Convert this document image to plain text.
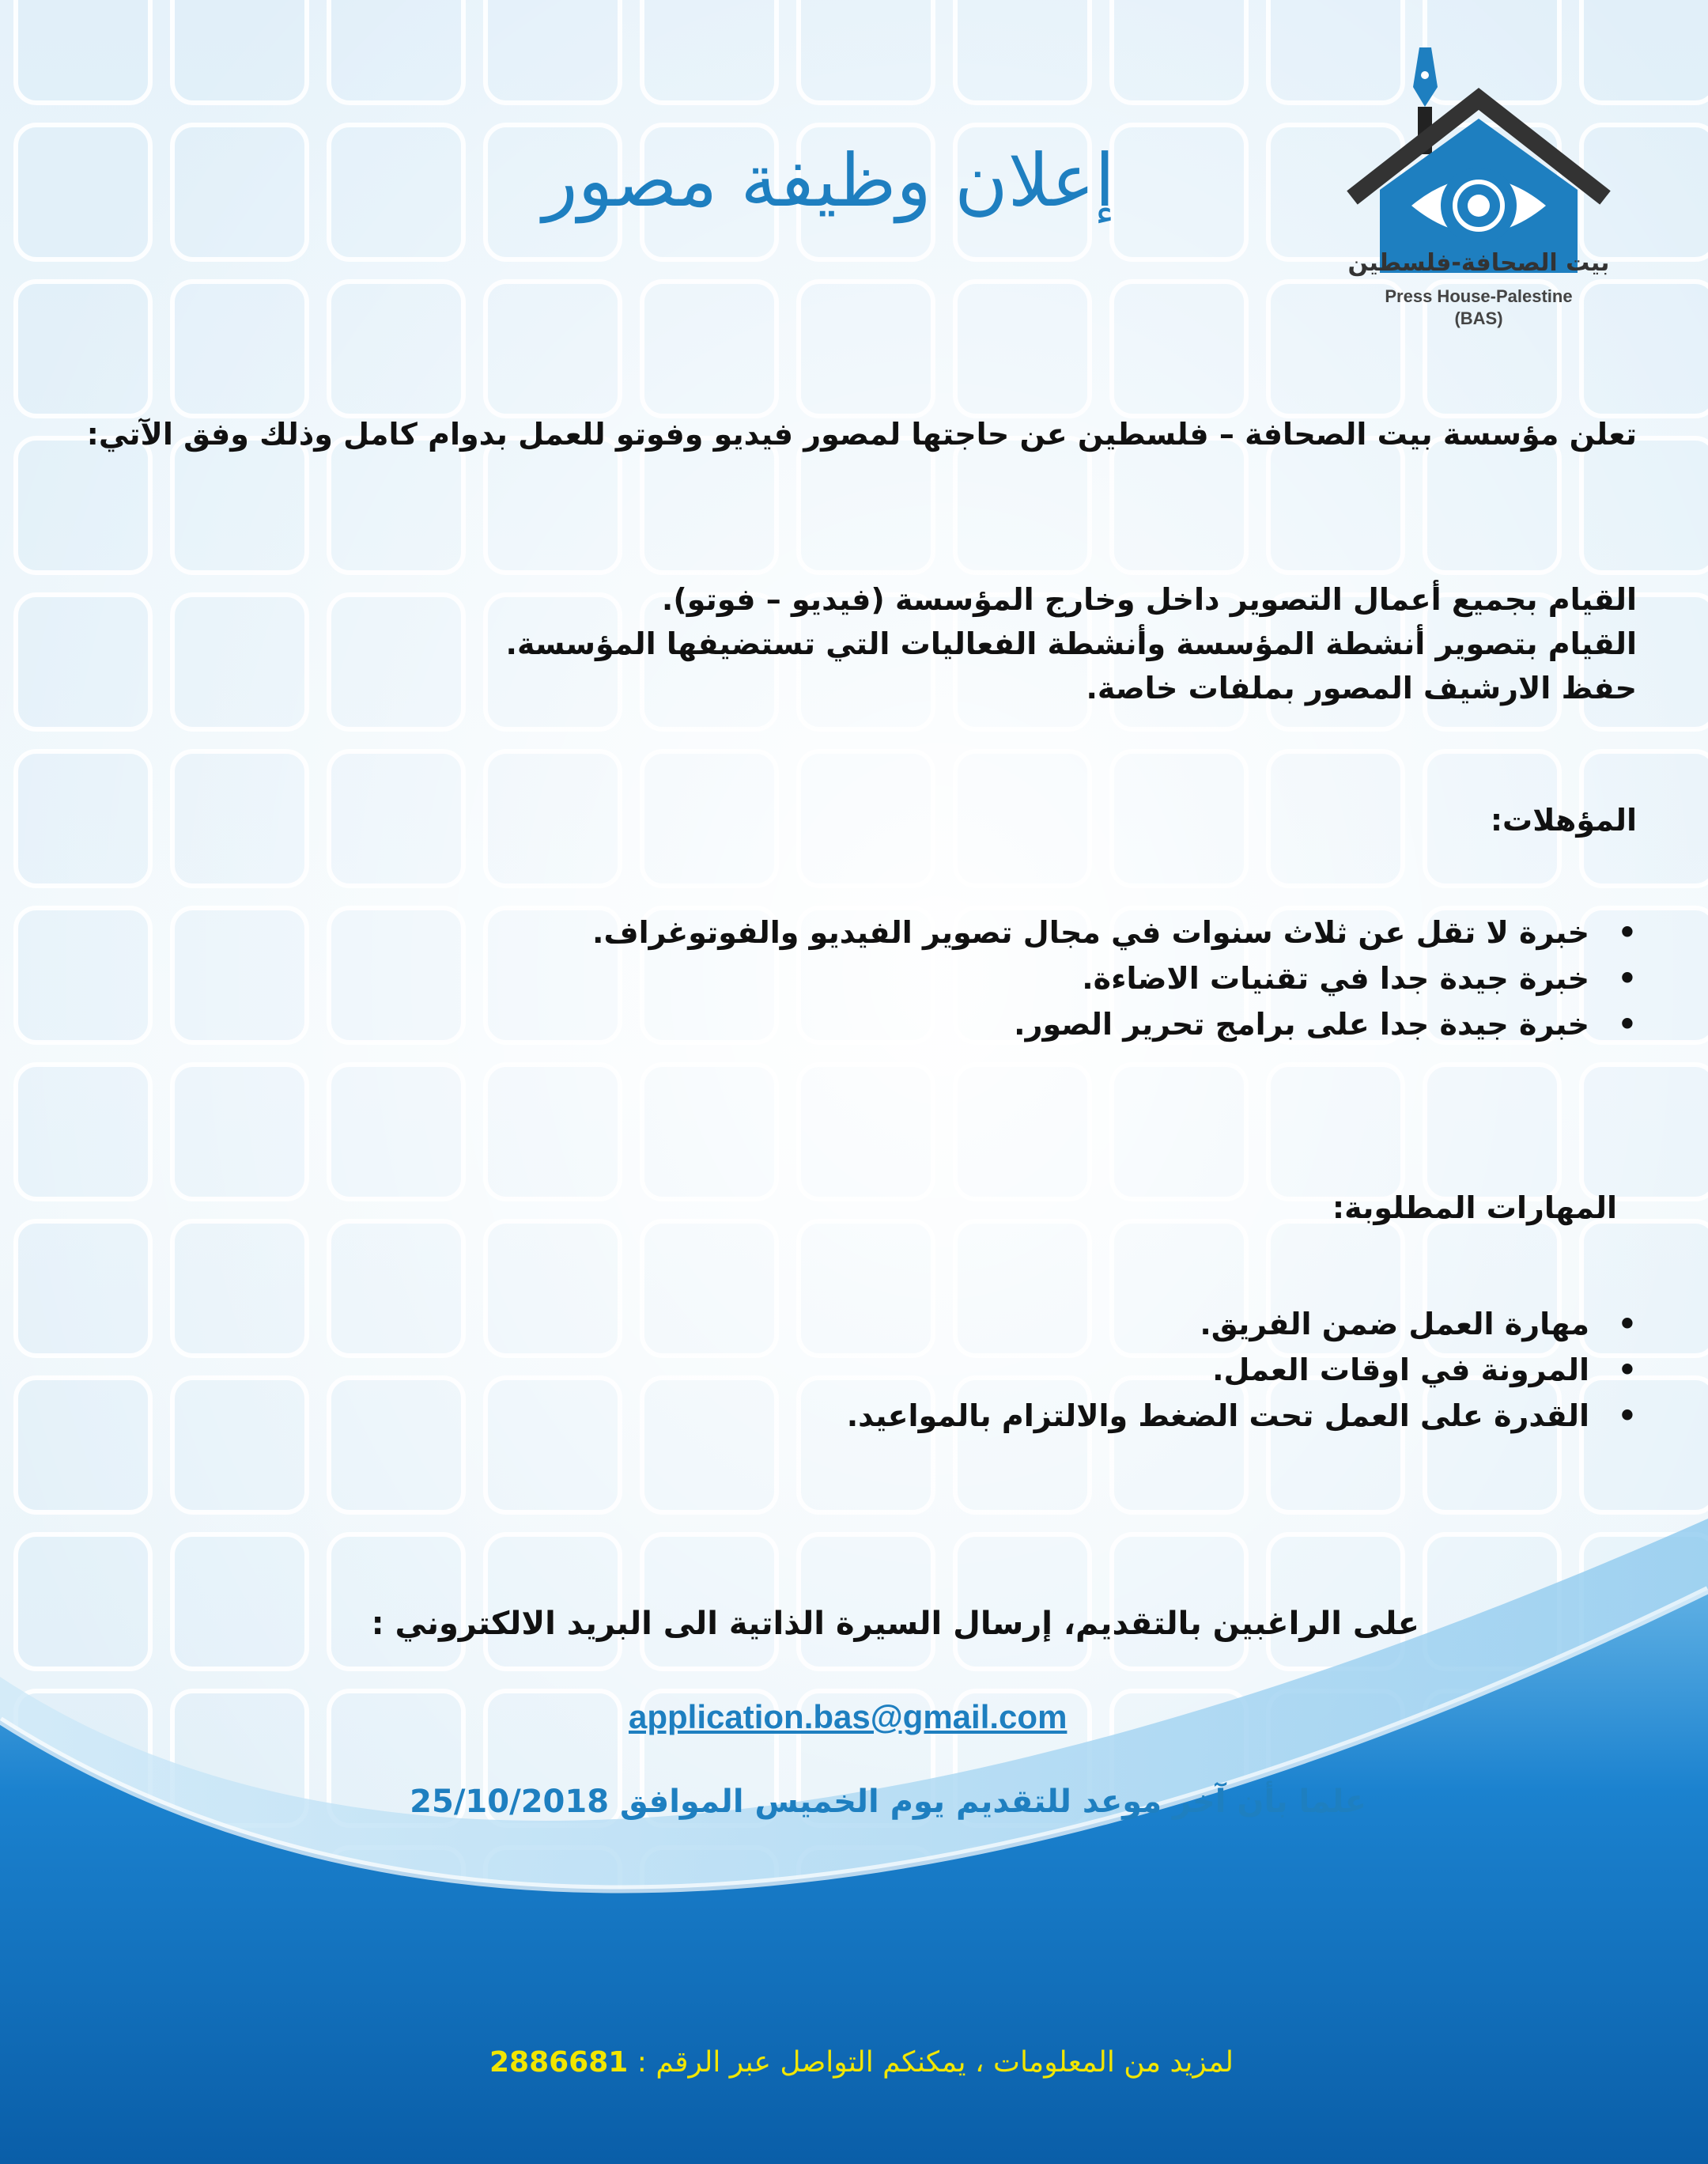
بيت الصحافة-فلسطين
Press House-Palestine
(BAS)
إعلان وظيفة مصور
تعلن مؤسسة بيت الصحافة – فلسطين عن حاجتها لمصور فيديو وفوتو للعمل بدوام كامل وذلك وفق الآتي:
القيام بجميع أعمال التصوير داخل وخارج المؤسسة (فيديو – فوتو).
القيام بتصوير أنشطة المؤسسة وأنشطة الفعاليات التي تستضيفها المؤسسة.
حفظ الارشيف المصور بملفات خاصة.
المؤهلات:
•
خبرة لا تقل عن ثلاث سنوات في مجال تصوير الفيديو والفوتوغراف.
•
خبرة جيدة جدا في تقنيات الاضاءة.
•
خبرة جيدة جدا على برامج تحرير الصور.
المهارات المطلوبة:
•
مهارة العمل ضمن الفريق.
•
المرونة في اوقات العمل.
•
القدرة على العمل تحت الضغط والالتزام بالمواعيد.
على الراغبين بالتقديم، إرسال السيرة الذاتية الى البريد الالكتروني :
application.bas@gmail.com
علما بأن آخر موعد للتقديم يوم الخميس الموافق 25/10/2018
لمزيد من المعلومات ، يمكنكم التواصل عبر الرقم : 2886681
